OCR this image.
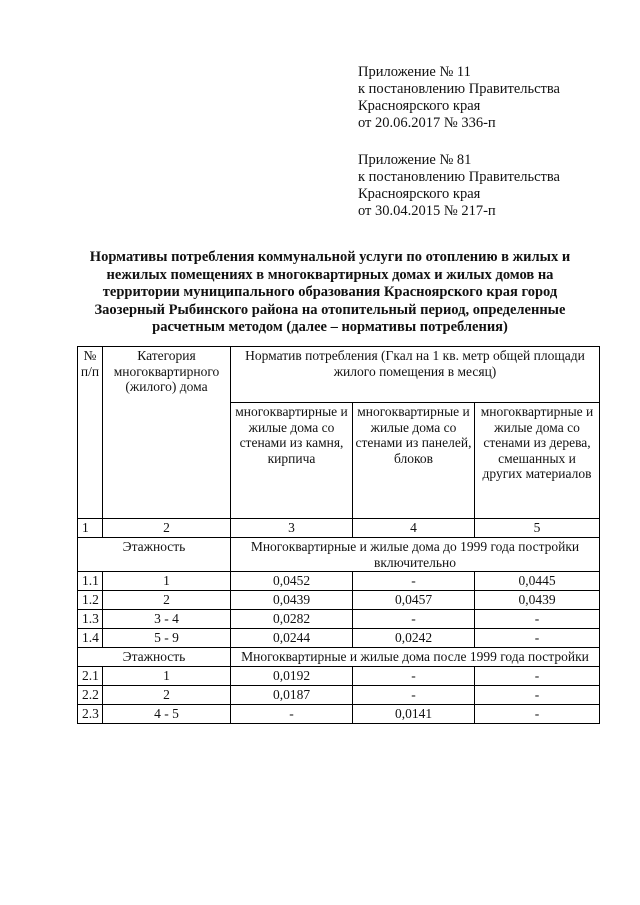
Приложение № 11
к постановлению Правительства
Красноярского края
от 20.06.2017 № 336-п
Приложение № 81
к постановлению Правительства
Красноярского края
от 30.04.2015 № 217-п
Нормативы потребления коммунальной услуги по отоплению в жилых и
нежилых помещениях в многоквартирных домах и жилых домов на
территории муниципального образования Красноярского края город
Заозерный Рыбинского района на отопительный период, определенные
расчетным методом (далее – нормативы потребления)
№ п/п	Категория многоквартирного (жилого) дома	Норматив потребления (Гкал на 1 кв. метр общей площади жилого помещения в месяц)		
		многоквартирные и жилые дома со стенами из камня, кирпича	многоквартирные и жилые дома со стенами из панелей, блоков	многоквартирные и жилые дома со стенами из дерева, смешанных и других материалов
1	2	3	4	5
Этажность		Многоквартирные и жилые дома до 1999 года постройки включительно		
1.1	1	0,0452	-	0,0445
1.2	2	0,0439	0,0457	0,0439
1.3	3 - 4	0,0282	-	-
1.4	5 - 9	0,0244	0,0242	-
Этажность		Многоквартирные и жилые дома после 1999 года постройки		
2.1	1	0,0192	-	-
2.2	2	0,0187	-	-
2.3	4 - 5	-	0,0141	-
